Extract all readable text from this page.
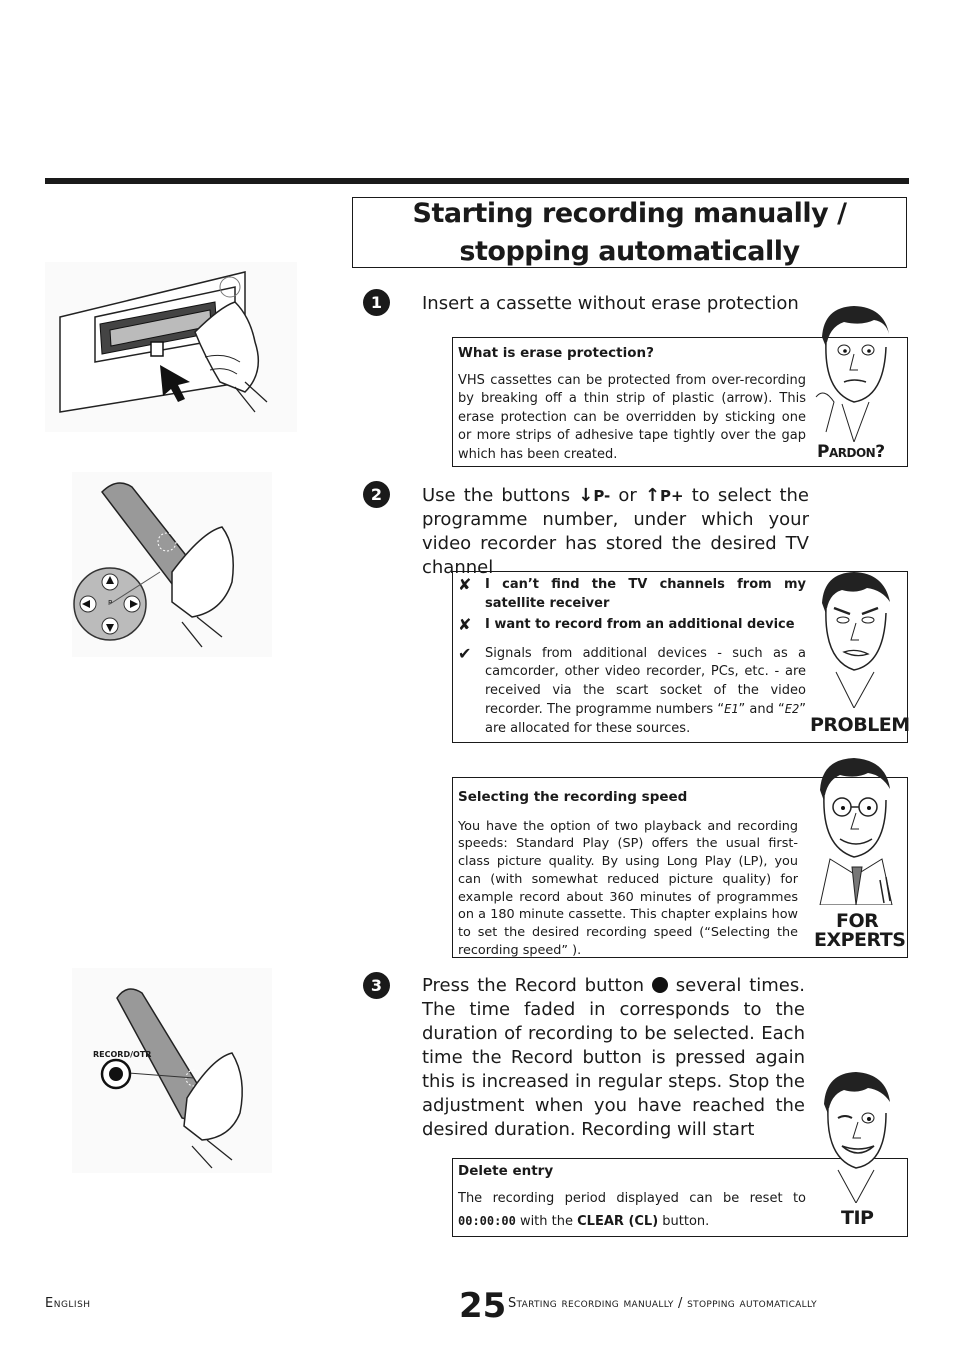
Starting recording manually /
stopping automatically
P
RECORD/OTR
1	Insert a cassette without erase protection
What is erase protection?
VHS cassettes can be protected from over-recording by breaking off a thin strip of plastic (arrow). This erase protection can be overridden by sticking one or more strips of adhesive tape tightly over the gap which has been created.	Pardon?
2	Use the buttons ↓P- or ↑P+ to select the programme number, under which your video recorder has stored the desired TV channel
✘ I can’t find the TV channels from my satellite receiver
✘ I want to record from an additional device
✔ Signals from additional devices - such as a camcorder, other video recorder, PCs, etc. - are received via the scart socket of the video recorder. The programme numbers “E1” and “E2” are allocated for these sources.	PROBLEM
Selecting the recording speed
You have the option of two playback and recording speeds: Standard Play (SP) offers the usual first-class picture quality. By using Long Play (LP), you can (with somewhat reduced picture quality) for example record about 360 minutes of programmes on a 180 minute cassette. This chapter explains how to set the desired recording speed (“Selecting the recording speed” ).
FOR
EXPERTS
3	Press the Record button several times. The time faded in corresponds to the duration of recording to be selected. Each time the Record button is pressed again this is increased in regular steps. Stop the adjustment when you have reached the desired duration. Recording will start
Delete entry
The recording period displayed can be reset to 00:00:00 with the CLEAR (CL) button.	TIP
English	25 Starting recording manually / stopping automatically
